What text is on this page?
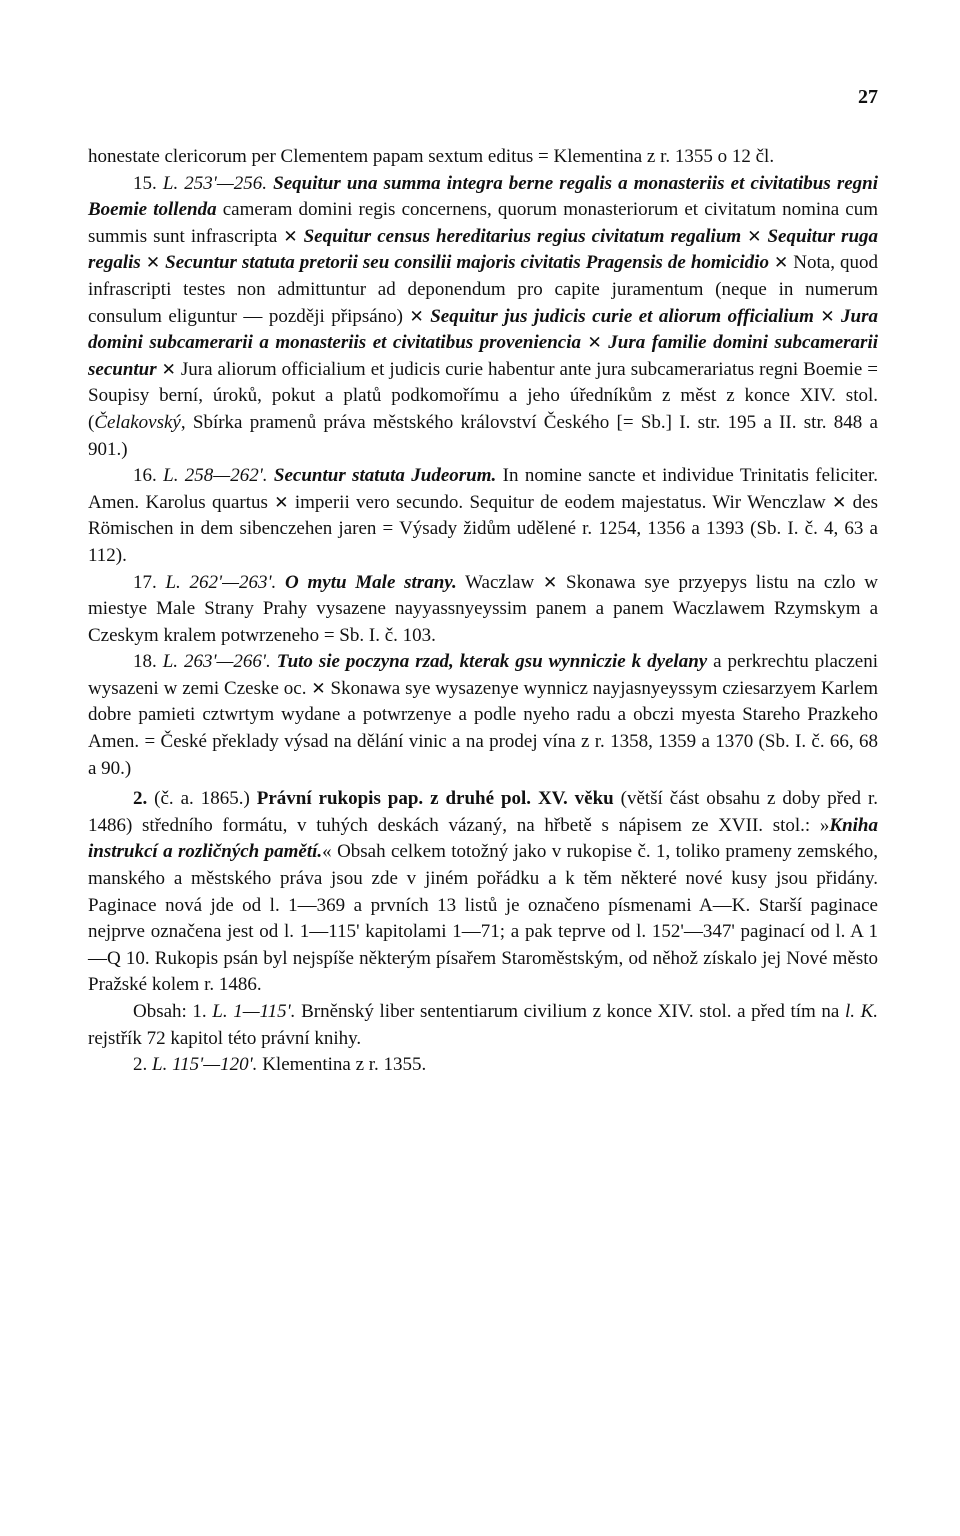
27

honestate clericorum per Clementem papam sextum editus = Klementina z r. 1355 o 12 čl.

15. L. 253'—256. Sequitur una summa integra berne regalis a monasteriis et civitatibus regni Boemie tollenda cameram domini regis concernens, quorum monasteriorum et civitatum nomina cum summis sunt infrascripta ✕ Sequitur census hereditarius regius civitatum regalium ✕ Sequitur ruga regalis ✕ Secuntur statuta pretorii seu consilii majoris civitatis Pragensis de homicidio ✕ Nota, quod infrascripti testes non admittuntur ad deponendum pro capite juramentum (neque in numerum consulum eliguntur — později připsáno) ✕ Sequitur jus judicis curie et aliorum officialium ✕ Jura domini subcamerarii a monasteriis et civitatibus proveniencia ✕ Jura familie domini subcamerarii secuntur ✕ Jura aliorum officialium et judicis curie habentur ante jura subcamerariatus regni Boemie = Soupisy berní, úroků, pokut a platů podkomořímu a jeho úředníkům z měst z konce XIV. stol. (Čelakovský, Sbírka pramenů práva městského království Českého [= Sb.] I. str. 195 a II. str. 848 a 901.)

16. L. 258—262'. Secuntur statuta Judeorum. In nomine sancte et individue Trinitatis feliciter. Amen. Karolus quartus ✕ imperii vero secundo. Sequitur de eodem majestatus. Wir Wenczlaw ✕ des Römischen in dem sibenczehen jaren = Výsady židům udělené r. 1254, 1356 a 1393 (Sb. I. č. 4, 63 a 112).

17. L. 262'—263'. O mytu Male strany. Waczlaw ✕ Skonawa sye przyepys listu na czlo w miestye Male Strany Prahy vysazene nayyassnyeyssim panem a panem Waczlawem Rzymskym a Czeskym kralem potwrzeneho = Sb. I. č. 103.

18. L. 263'—266'. Tuto sie poczyna rzad, kterak gsu wynniczie k dyelany a perkrechtu placzeni wysazeni w zemi Czeske oc. ✕ Skonawa sye wysazenye wynnicz nayjasnyeyssym cziesarzyem Karlem dobre pamieti cztwrtym wydane a potwrzenye a podle nyeho radu a obczi myesta Stareho Prazkeho Amen. = České překlady výsad na dělání vinic a na prodej vína z r. 1358, 1359 a 1370 (Sb. I. č. 66, 68 a 90.)

2. (č. a. 1865.) Právní rukopis pap. z druhé pol. XV. věku (větší část obsahu z doby před r. 1486) středního formátu, v tuhých deskách vázaný, na hřbetě s nápisem ze XVII. stol.: »Kniha instrukcí a rozličných pamětí.« Obsah celkem totožný jako v rukopise č. 1, toliko prameny zemského, manského a městského práva jsou zde v jiném pořádku a k těm některé nové kusy jsou přidány. Paginace nová jde od l. 1—369 a prvních 13 listů je označeno písmenami A—K. Starší paginace nejprve označena jest od l. 1—115' kapitolami 1—71; a pak teprve od l. 152'—347' paginací od l. A 1—Q 10. Rukopis psán byl nejspíše některým písařem Staroměstským, od něhož získalo jej Nové město Pražské kolem r. 1486.

Obsah: 1. L. 1—115'. Brněnský liber sententiarum civilium z konce XIV. stol. a před tím na l. K. rejstřík 72 kapitol této právní knihy.

2. L. 115'—120'. Klementina z r. 1355.
